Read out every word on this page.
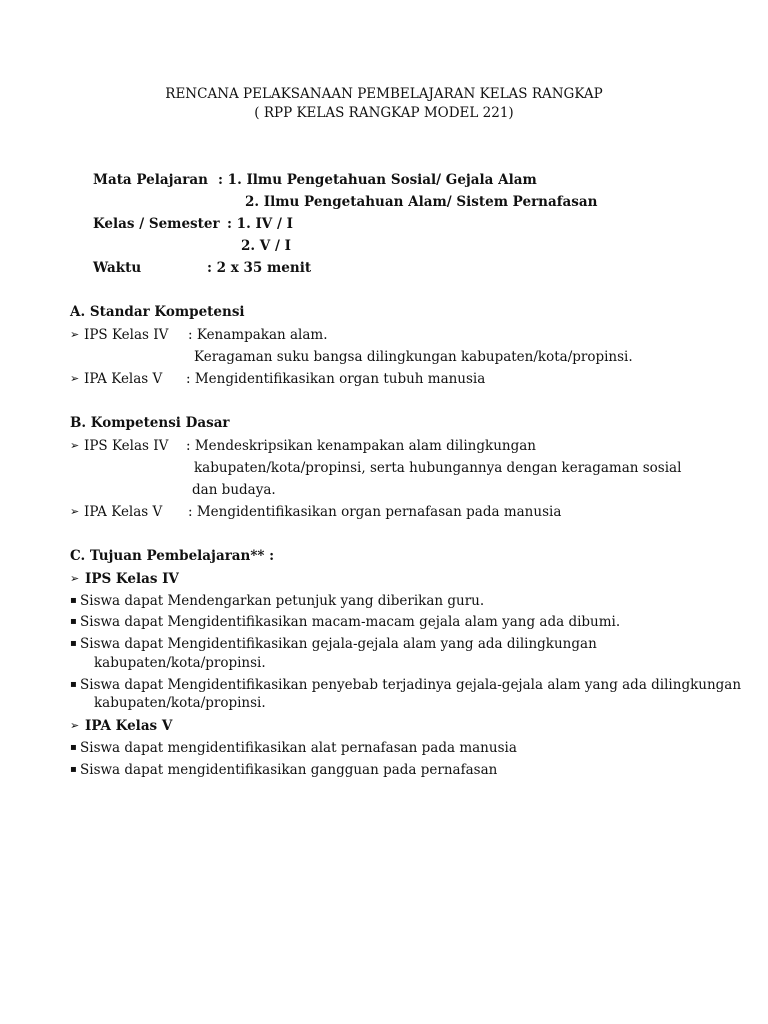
RENCANA PELAKSANAAN PEMBELAJARAN KELAS RANGKAP
( RPP KELAS RANGKAP MODEL 221)
Mata Pelajaran : 1. Ilmu Pengetahuan Sosial/ Gejala Alam
2. Ilmu Pengetahuan Alam/ Sistem Pernafasan
Kelas / Semester : 1. IV / I
2. V / I
Waktu	: 2 x 35 menit
A. Standar Kompetensi
➢ IPS Kelas IV : Kenampakan alam.
Keragaman suku bangsa dilingkungan kabupaten/kota/propinsi.
➢ IPA Kelas V : Mengidentifikasikan organ tubuh manusia
B. Kompetensi Dasar
➢ IPS Kelas IV : Mendeskripsikan kenampakan alam dilingkungan
kabupaten/kota/propinsi, serta hubungannya dengan keragaman sosial
dan budaya.
➢ IPA Kelas V : Mengidentifikasikan organ pernafasan pada manusia
C. Tujuan Pembelajaran** :
➢ IPS Kelas IV
▪ Siswa dapat Mendengarkan petunjuk yang diberikan guru.
▪ Siswa dapat Mengidentifikasikan macam-macam gejala alam yang ada dibumi.
▪ Siswa dapat Mengidentifikasikan gejala-gejala alam yang ada dilingkungan
kabupaten/kota/propinsi.
▪ Siswa dapat Mengidentifikasikan penyebab terjadinya gejala-gejala alam yang ada dilingkungan
kabupaten/kota/propinsi.
➢ IPA Kelas V
▪ Siswa dapat mengidentifikasikan alat pernafasan pada manusia
▪ Siswa dapat mengidentifikasikan gangguan pada pernafasan
